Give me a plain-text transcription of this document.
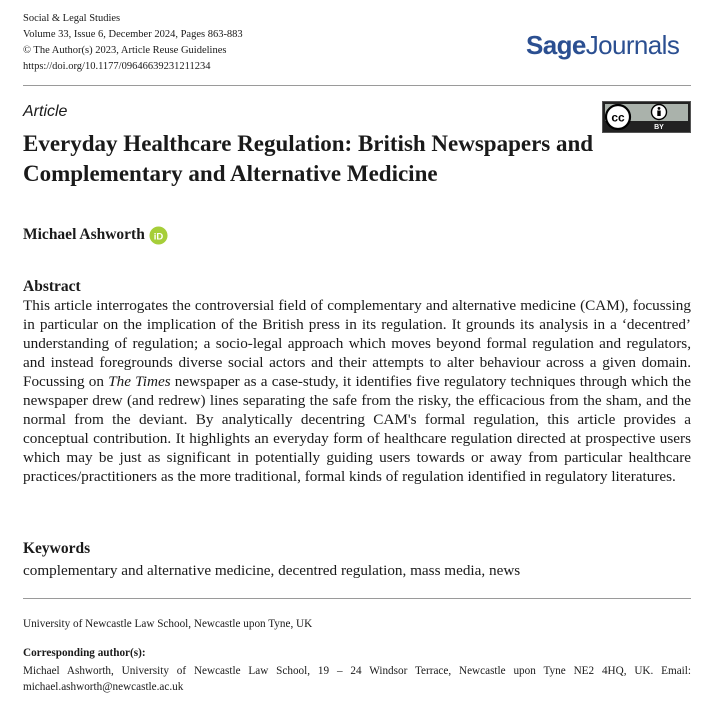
Social & Legal Studies
Volume 33, Issue 6, December 2024, Pages 863-883
© The Author(s) 2023, Article Reuse Guidelines
https://doi.org/10.1177/09646639231211234
SageJournals
Article	cc
BY
Everyday Healthcare Regulation: British Newspapers and Complementary and Alternative Medicine
Michael Ashworth iD
Abstract

This article interrogates the controversial field of complementary and alternative medicine (CAM), focussing in particular on the implication of the British press in its regulation. It grounds its analysis in a ‘decentred’ understanding of regulation; a socio-legal approach which moves beyond formal regulation and regulators, and instead foregrounds diverse social actors and their attempts to alter behaviour across a given domain. Focussing on The Times newspaper as a case-study, it identifies five regulatory techniques through which the newspaper drew (and redrew) lines separating the safe from the risky, the efficacious from the sham, and the normal from the deviant. By analytically decentring CAM's formal regulation, this article provides a conceptual contribution. It highlights an everyday form of healthcare regulation directed at prospective users which may be just as significant in potentially guiding users towards or away from particular healthcare practices/practitioners as the more traditional, formal kinds of regulation identified in regulatory literatures.

Keywords
complementary and alternative medicine, decentred regulation, mass media, news
University of Newcastle Law School, Newcastle upon Tyne, UK
Corresponding author(s):

Michael Ashworth, University of Newcastle Law School, 19 – 24 Windsor Terrace, Newcastle upon Tyne NE2 4HQ, UK. Email: michael.ashworth@newcastle.ac.uk
